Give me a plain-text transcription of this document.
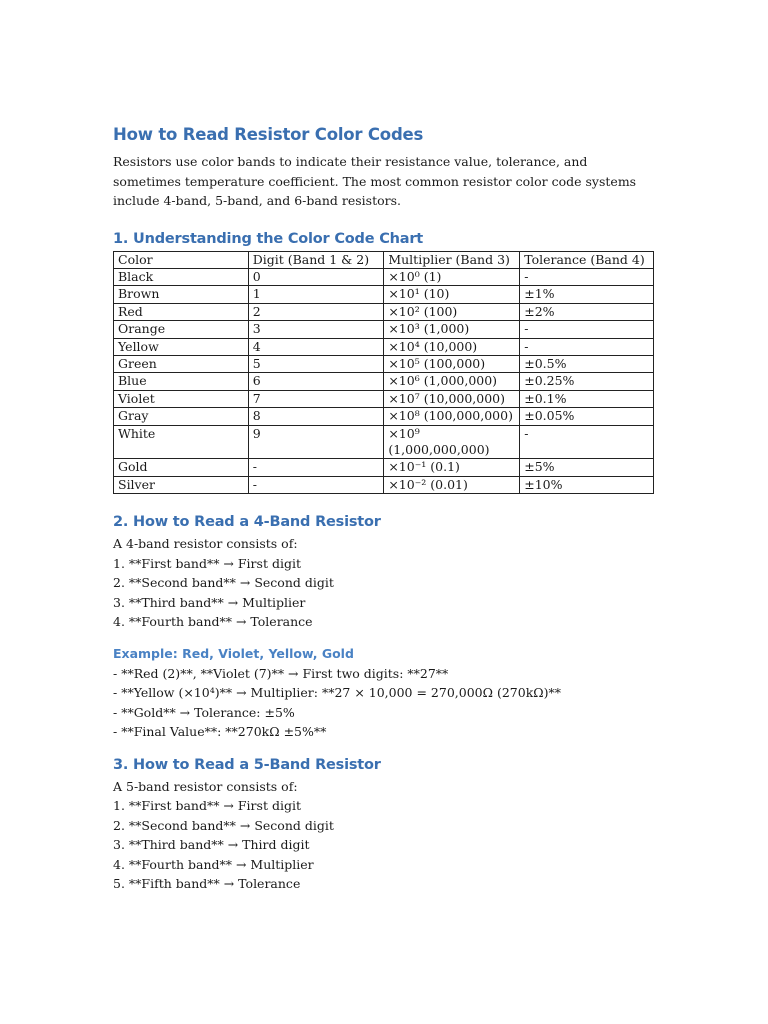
How to Read Resistor Color Codes

Resistors use color bands to indicate their resistance value, tolerance, and sometimes temperature coefficient. The most common resistor color code systems include 4-band, 5-band, and 6-band resistors.

1. Understanding the Color Code Chart
Color	Digit (Band 1 & 2)	Multiplier (Band 3)	Tolerance (Band 4)
Black	0	×10⁰ (1)	-
Brown	1	×10¹ (10)	±1%
Red	2	×10² (100)	±2%
Orange	3	×10³ (1,000)	-
Yellow	4	×10⁴ (10,000)	-
Green	5	×10⁵ (100,000)	±0.5%
Blue	6	×10⁶ (1,000,000)	±0.25%
Violet	7	×10⁷ (10,000,000)	±0.1%
Gray	8	×10⁸ (100,000,000)	±0.05%
White	9	×10⁹ (1,000,000,000)	-
Gold	-	×10⁻¹ (0.1)	±5%
Silver	-	×10⁻² (0.01)	±10%
2. How to Read a 4-Band Resistor

A 4-band resistor consists of:

1. **First band** → First digit

2. **Second band** → Second digit

3. **Third band** → Multiplier

4. **Fourth band** → Tolerance

Example: Red, Violet, Yellow, Gold

- **Red (2)**, **Violet (7)** → First two digits: **27**

- **Yellow (×10⁴)** → Multiplier: **27 × 10,000 = 270,000Ω (270kΩ)**

- **Gold** → Tolerance: ±5%

- **Final Value**: **270kΩ ±5%**

3. How to Read a 5-Band Resistor

A 5-band resistor consists of:

1. **First band** → First digit

2. **Second band** → Second digit

3. **Third band** → Third digit

4. **Fourth band** → Multiplier

5. **Fifth band** → Tolerance
